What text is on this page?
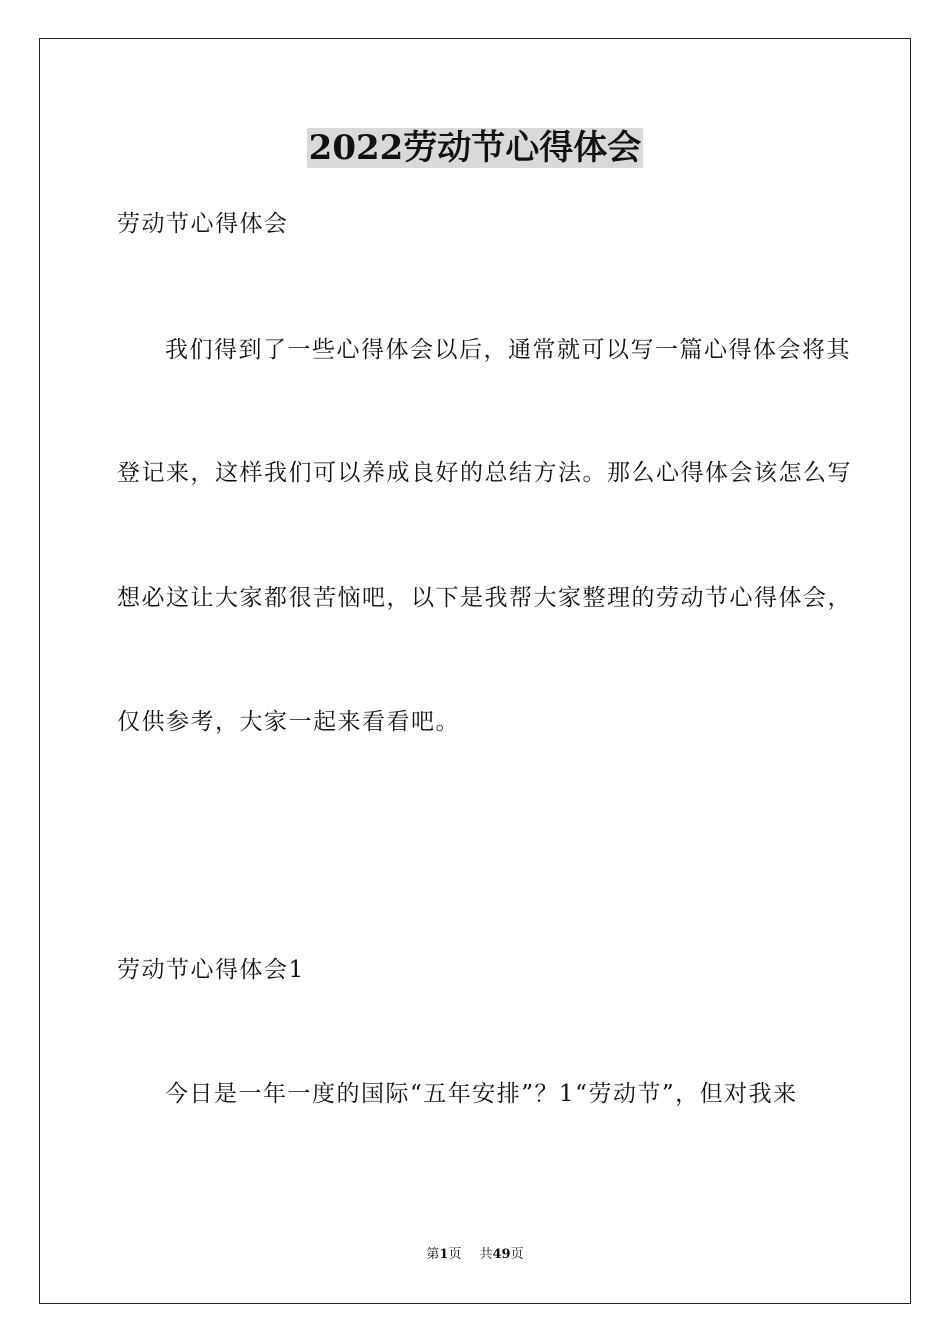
2022劳动节心得体会
劳动节心得体会
我们得到了一些心得体会以后，通常就可以写一篇心得体会将其
登记来，这样我们可以养成良好的总结方法。那么心得体会该怎么写
想必这让大家都很苦恼吧，以下是我帮大家整理的劳动节心得体会，
仅供参考，大家一起来看看吧。
劳动节心得体会1
今日是一年一度的国际“五年安排”？1“劳动节”，但对我来
第1页 共49页
